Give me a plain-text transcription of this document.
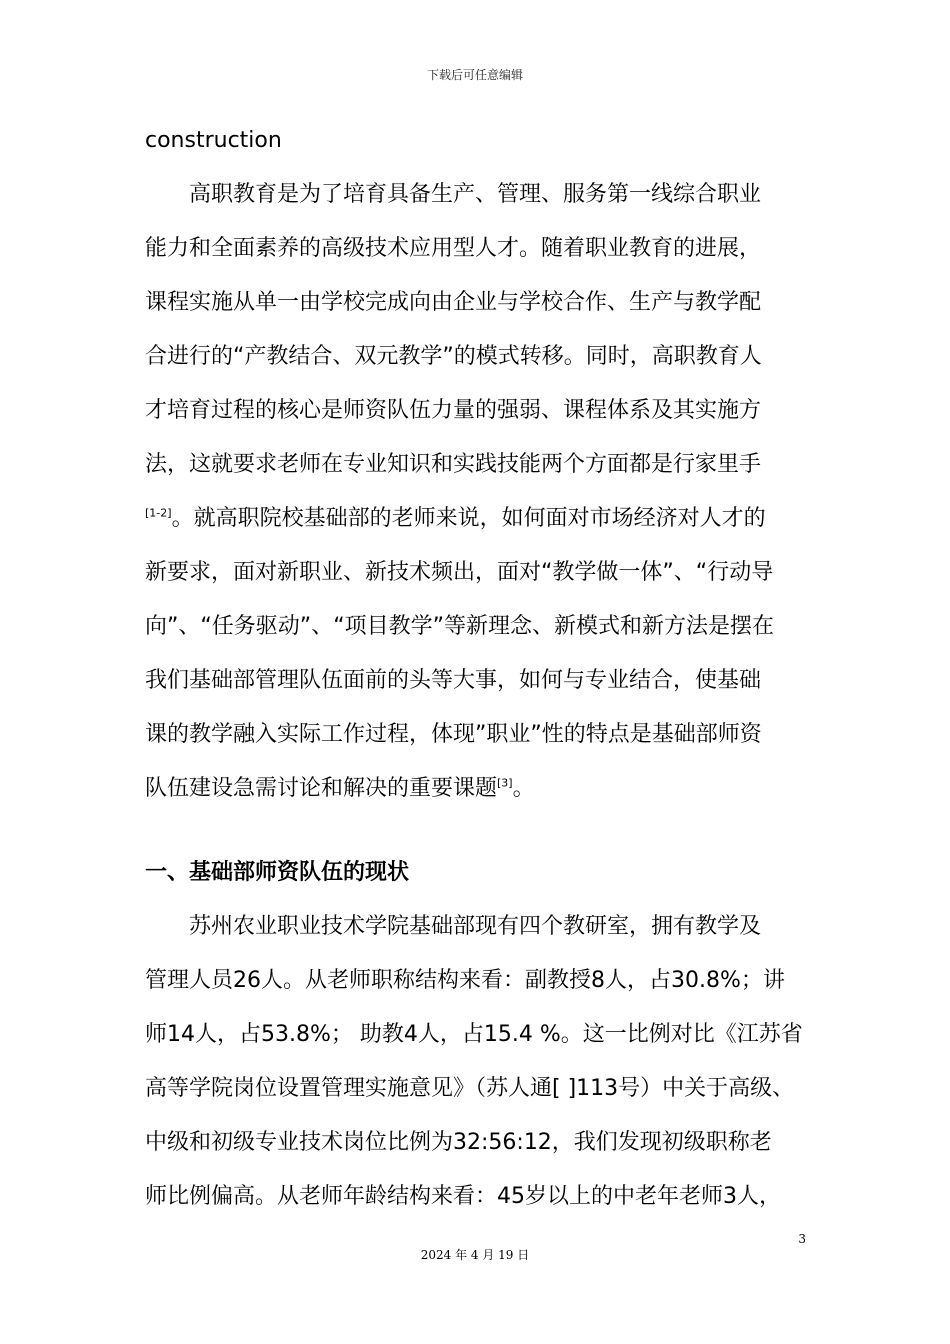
下载后可任意编辑
construction

高职教育是为了培育具备生产、管理、服务第一线综合职业

能力和全面素养的高级技术应用型人才。随着职业教育的进展，

课程实施从单一由学校完成向由企业与学校合作、生产与教学配

合进行的“产教结合、双元教学”的模式转移。同时，高职教育人

才培育过程的核心是师资队伍力量的强弱、课程体系及其实施方

法，这就要求老师在专业知识和实践技能两个方面都是行家里手

[1-2]。就高职院校基础部的老师来说，如何面对市场经济对人才的

新要求，面对新职业、新技术频出，面对“教学做一体”、“行动导

向”、“任务驱动”、“项目教学”等新理念、新模式和新方法是摆在

我们基础部管理队伍面前的头等大事，如何与专业结合，使基础

课的教学融入实际工作过程，体现”职业”性的特点是基础部师资

队伍建设急需讨论和解决的重要课题[3]。

一、基础部师资队伍的现状

苏州农业职业技术学院基础部现有四个教研室，拥有教学及

管理人员26人。从老师职称结构来看：副教授8人，占30.8%；讲

师14人，占53.8%； 助教4人，占15.4 %。这一比例对比《江苏省

高等学院岗位设置管理实施意见》（苏人通[ ]113号）中关于高级、

中级和初级专业技术岗位比例为32:56:12，我们发现初级职称老

师比例偏高。从老师年龄结构来看：45岁以上的中老年老师3人，

3
2024 年 4 月 19 日
